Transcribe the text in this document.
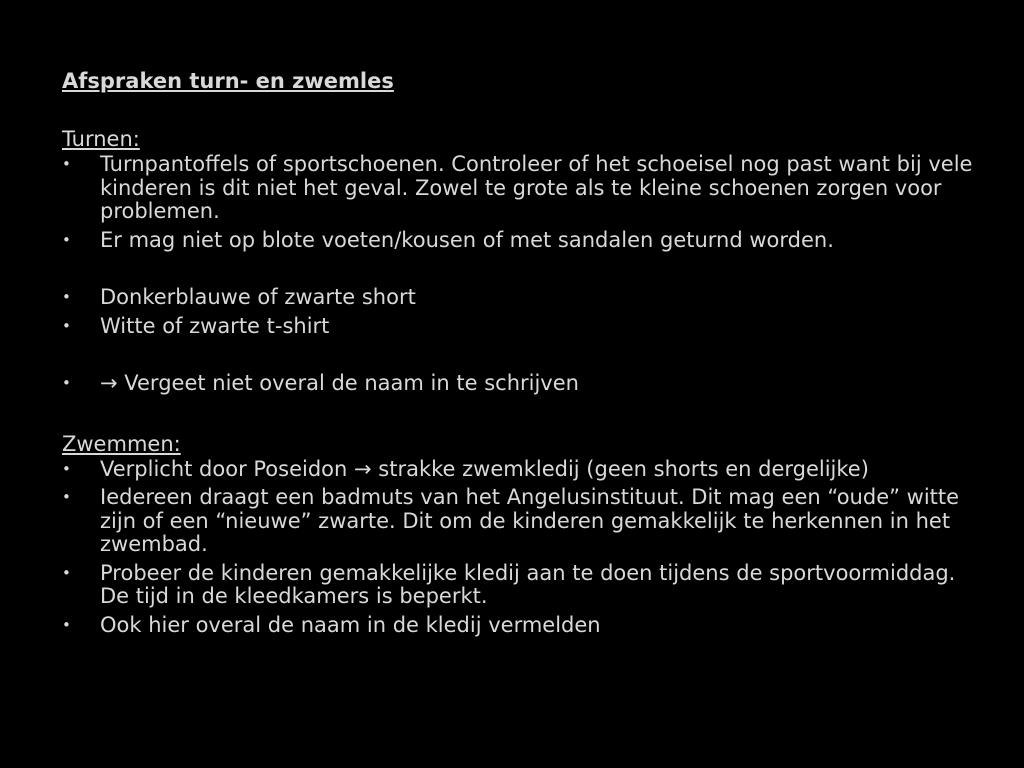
Afspraken turn- en zwemles
Turnen:
•	Turnpantoffels of sportschoenen. Controleer of het schoeisel nog past want bij vele kinderen is dit niet het geval. Zowel te grote als te kleine schoenen zorgen voor problemen.
•	Er mag niet op blote voeten/kousen of met sandalen geturnd worden.
•	Donkerblauwe of zwarte short
•	Witte of zwarte t-shirt
•	→ Vergeet niet overal de naam in te schrijven
Zwemmen:
•	Verplicht door Poseidon → strakke zwemkledij (geen shorts en dergelijke)
•	Iedereen draagt een badmuts van het Angelusinstituut. Dit mag een “oude” witte zijn of een “nieuwe” zwarte. Dit om de kinderen gemakkelijk te herkennen in het zwembad.
•	Probeer de kinderen gemakkelijke kledij aan te doen tijdens de sportvoormiddag. De tijd in de kleedkamers is beperkt.
•	Ook hier overal de naam in de kledij vermelden
